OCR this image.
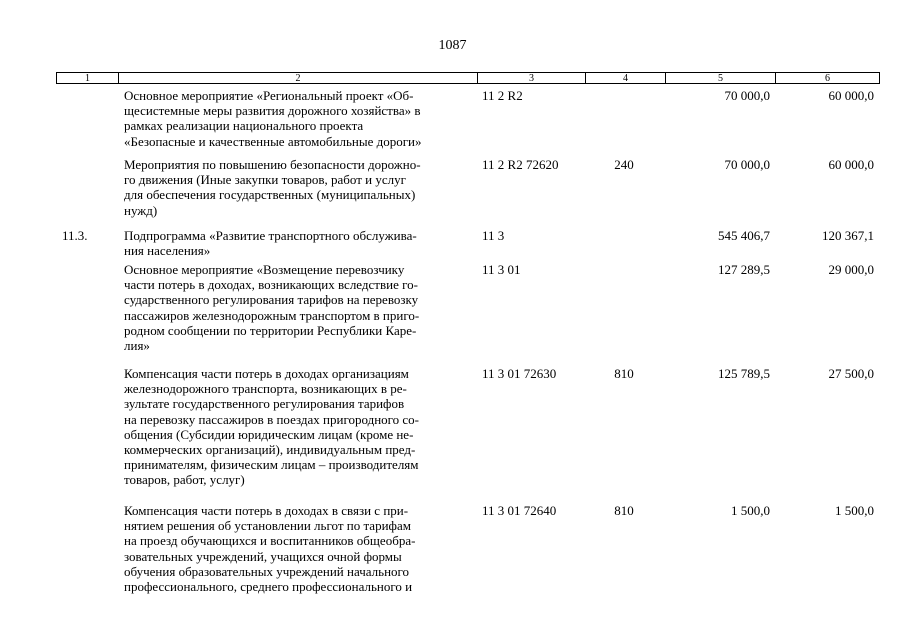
1087
1	2	3	4	5	6
Основное мероприятие «Региональный проект «Об-
щесистемные меры развития дорожного хозяйства» в
рамках реализации национального проекта
«Безопасные и качественные автомобильные дороги»
11 2 R2	70 000,0	60 000,0
Мероприятия по повышению безопасности дорожно-
го движения (Иные закупки товаров, работ и услуг
для обеспечения государственных (муниципальных)
нужд)
11 2 R2 72620	240	70 000,0	60 000,0
11.3.	Подпрограмма «Развитие транспортного обслужива-
ния населения»
11 3	545 406,7	120 367,1
Основное мероприятие «Возмещение перевозчику
части потерь в доходах, возникающих вследствие го-
сударственного регулирования тарифов на перевозку
пассажиров железнодорожным транспортом в приго-
родном сообщении по территории Республики Каре-
лия»
11 3 01	127 289,5	29 000,0
Компенсация части потерь в доходах организациям
железнодорожного транспорта, возникающих в ре-
зультате государственного регулирования тарифов
на перевозку пассажиров в поездах пригородного со-
общения (Субсидии юридическим лицам (кроме не-
коммерческих организаций), индивидуальным пред-
принимателям, физическим лицам – производителям
товаров, работ, услуг)
11 3 01 72630	810	125 789,5	27 500,0
Компенсация части потерь в доходах в связи с при-
нятием решения об установлении льгот по тарифам
на проезд обучающихся и воспитанников общеобра-
зовательных учреждений, учащихся очной формы
обучения образовательных учреждений начального
профессионального, среднего профессионального и
11 3 01 72640	810	1 500,0	1 500,0
